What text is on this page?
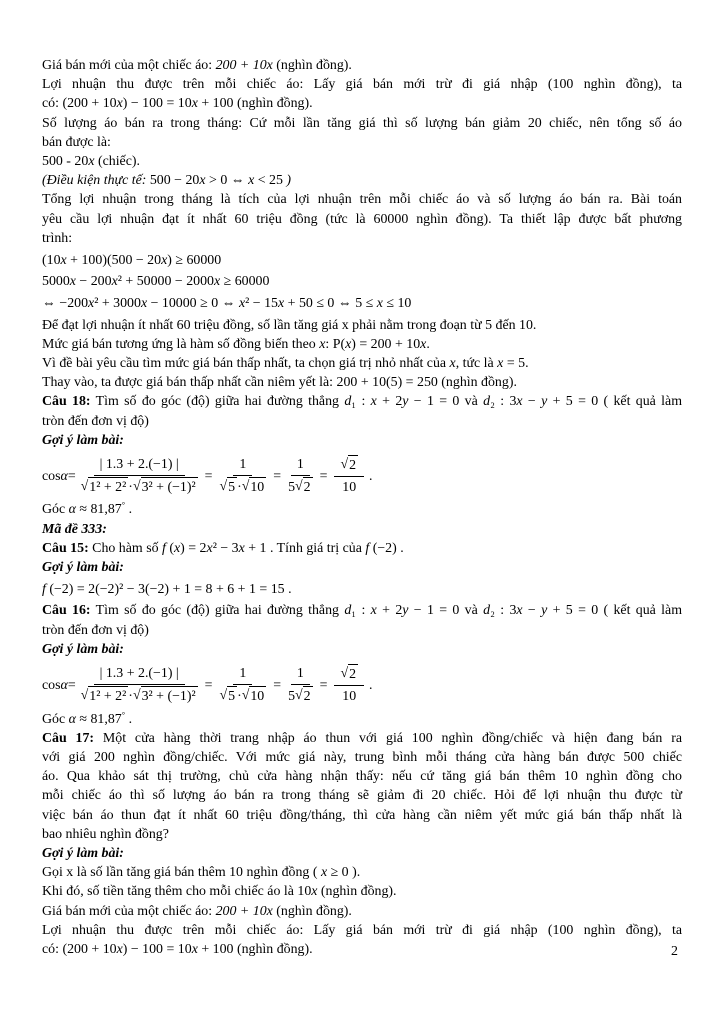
Giá bán mới của một chiếc áo: 200 + 10x (nghìn đồng).
Lợi nhuận thu được trên mỗi chiếc áo: Lấy giá bán mới trừ đi giá nhập (100 nghìn đồng), ta
có: (200 + 10x) − 100 = 10x + 100 (nghìn đồng).
Số lượng áo bán ra trong tháng: Cứ mỗi lần tăng giá thì số lượng bán giảm 20 chiếc, nên tổng số áo
bán được là:
500 - 20x (chiếc).
(Điều kiện thực tế: 500 − 20x > 0 ⇔ x < 25 )
Tổng lợi nhuận trong tháng là tích của lợi nhuận trên mỗi chiếc áo và số lượng áo bán ra. Bài toán
yêu cầu lợi nhuận đạt ít nhất 60 triệu đồng (tức là 60000 nghìn đồng). Ta thiết lập được bất phương
trình:
(10x + 100)(500 − 20x) ≥ 60000
5000x − 200x² + 50000 − 2000x ≥ 60000
⇔ −200x² + 3000x − 10000 ≥ 0 ⇔ x² − 15x + 50 ≤ 0 ⇔ 5 ≤ x ≤ 10
Để đạt lợi nhuận ít nhất 60 triệu đồng, số lần tăng giá x phải nằm trong đoạn từ 5 đến 10.
Mức giá bán tương ứng là hàm số đồng biến theo x: P(x) = 200 + 10x.
Vì đề bài yêu cầu tìm mức giá bán thấp nhất, ta chọn giá trị nhỏ nhất của x, tức là x = 5.
Thay vào, ta được giá bán thấp nhất cần niêm yết là: 200 + 10(5) = 250 (nghìn đồng).
Câu 18: Tìm số đo góc (độ) giữa hai đường thẳng d₁ : x + 2y − 1 = 0 và d₂ : 3x − y + 5 = 0 ( kết quả làm
tròn đến đơn vị độ)
Gợi ý làm bài:
$\cos \alpha = \frac{| 1.3 + 2.(-1) |}{\text{√ 1² + 2² · √ 3² + (−1)²}} = \frac{1}{√ 5 \cdot √ 10} = \frac{1}{5 √ 2} = \frac{√ 2}{10}$ .
Góc α ≈ 81,87° .
Mã đề 333:
Câu 15: Cho hàm số f (x) = 2x² − 3x + 1 . Tính giá trị của f (−2) .
Gợi ý làm bài:
f (−2) = 2(−2)² − 3(−2) + 1 = 8 + 6 + 1 = 15 .
Câu 16: Tìm số đo góc (độ) giữa hai đường thẳng d₁ : x + 2y − 1 = 0 và d₂ : 3x − y + 5 = 0 ( kết quả làm
tròn đến đơn vị độ)
Gợi ý làm bài:
$\cos \alpha = \frac{| 1.3 + 2.(-1) |}{\text{√ 1² + 2² · √ 3² + (−1)²}} = \frac{1}{√ 5 \cdot √ 10} = \frac{1}{5 √ 2} = \frac{√ 2}{10}$ .
Góc α ≈ 81,87° .
Câu 17: Một cửa hàng thời trang nhập áo thun với giá 100 nghìn đồng/chiếc và hiện đang bán ra
với giá 200 nghìn đồng/chiếc. Với mức giá này, trung bình mỗi tháng cửa hàng bán được 500 chiếc
áo. Qua khảo sát thị trường, chủ cửa hàng nhận thấy: nếu cứ tăng giá bán thêm 10 nghìn đồng cho
mỗi chiếc áo thì số lượng áo bán ra trong tháng sẽ giảm đi 20 chiếc. Hỏi để lợi nhuận thu được từ
việc bán áo thun đạt ít nhất 60 triệu đồng/tháng, thì cửa hàng cần niêm yết mức giá bán thấp nhất là
bao nhiêu nghìn đồng?
Gợi ý làm bài:
Gọi x là số lần tăng giá bán thêm 10 nghìn đồng ( x ≥ 0 ).
Khi đó, số tiền tăng thêm cho mỗi chiếc áo là 10x (nghìn đồng).
Giá bán mới của một chiếc áo: 200 + 10x (nghìn đồng).
Lợi nhuận thu được trên mỗi chiếc áo: Lấy giá bán mới trừ đi giá nhập (100 nghìn đồng), ta
có: (200 + 10x) − 100 = 10x + 100 (nghìn đồng).	2
